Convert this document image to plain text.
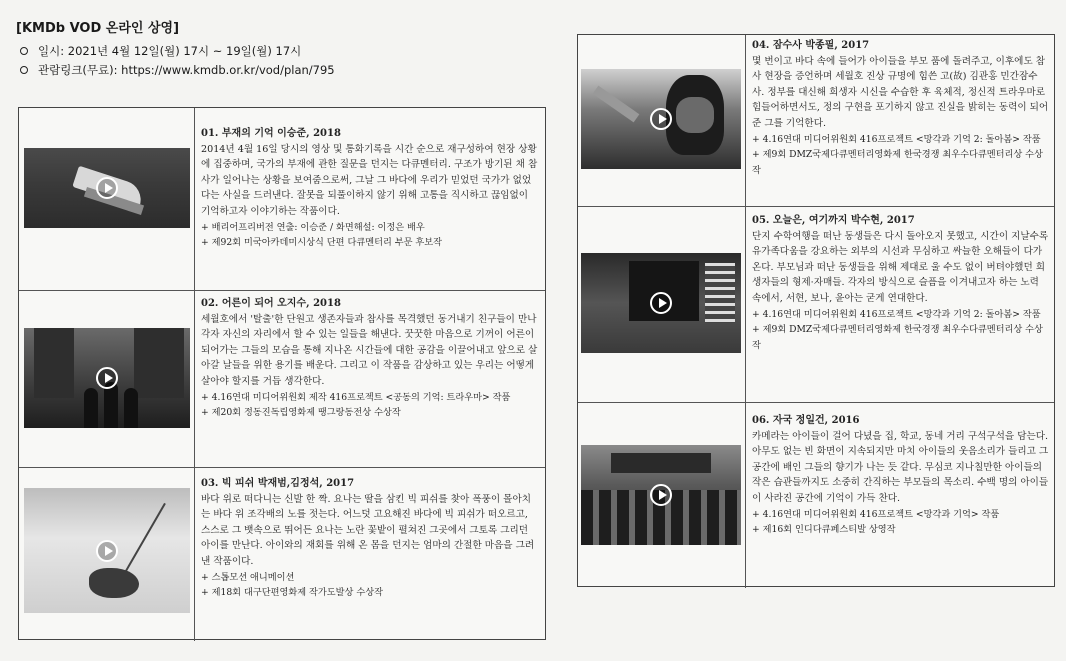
[KMDb VOD 온라인 상영]
일시: 2021년 4월 12일(월) 17시 ~ 19일(월) 17시
관람링크(무료): https://www.kmdb.or.kr/vod/plan/795
01. 부재의 기억 이승준, 2018
2014년 4월 16일 당시의 영상 및 통화기록을 시간 순으로 재구성하여 현장 상황에 집중하며, 국가의 부재에 관한 질문을 던지는 다큐멘터리. 구조가 방기된 채 참사가 일어나는 상황을 보여줌으로써, 그날 그 바다에 우리가 믿었던 국가가 없었다는 사실을 드러낸다. 잘못을 되풀이하지 않기 위해 고통을 직시하고 끊임없이 기억하고자 이야기하는 작품이다.
+ 배리어프리버전 연출: 이승준 / 화면해설: 이정은 배우
+ 제92회 미국아카데미시상식 단편 다큐멘터리 부문 후보작
02. 어른이 되어 오지수, 2018
세월호에서 '탈출'한 단원고 생존자들과 참사를 목격했던 동거내기 친구들이 만나 각자 자신의 자리에서 할 수 있는 일들을 해낸다. 꿋꿋한 마음으로 기꺼이 어른이 되어가는 그들의 모습을 통해 지나온 시간들에 대한 공감을 이끌어내고 앞으로 살아갈 날들을 위한 용기를 배운다. 그리고 이 작품을 감상하고 있는 우리는 어떻게 살아야 할지를 거듭 생각한다.
+ 4.16연대 미디어위원회 제작 416프로젝트 <공동의 기억: 트라우마> 작품
+ 제20회 정동진독립영화제 땡그랑동전상 수상작
03. 빅 피쉬 박재범,김정석, 2017
바다 위로 떠다니는 신발 한 짝. 요나는 딸을 삼킨 빅 피쉬를 찾아 폭풍이 몰아치는 바다 위 조각배의 노를 젓는다. 어느덧 고요해진 바다에 빅 피쉬가 떠오르고, 스스로 그 뱃속으로 뛰어든 요나는 노란 꽃밭이 펼쳐진 그곳에서 그토록 그리던 아이를 만난다. 아이와의 재회를 위해 온 몸을 던지는 엄마의 간절한 마음을 그려낸 작품이다.
+ 스톱모션 애니메이션
+ 제18회 대구단편영화제 작가도발상 수상작
04. 잠수사 박종필, 2017
몇 번이고 바다 속에 들어가 아이들을 부모 품에 돌려주고, 이후에도 참사 현장을 증언하며 세월호 진상 규명에 힘쓴 고(故) 김관홍 민간잠수사. 정부를 대신해 희생자 시신을 수습한 후 육체적, 정신적 트라우마로 힘들어하면서도, 정의 구현을 포기하지 않고 진실을 밝히는 동력이 되어준 그를 기억한다.
+ 4.16연대 미디어위원회 416프로젝트 <망각과 기억 2: 돌아봄> 작품
+ 제9회 DMZ국제다큐멘터리영화제 한국경쟁 최우수다큐멘터리상 수상작
05. 오늘은, 여기까지 박수현, 2017
단지 수학여행을 떠난 동생들은 다시 돌아오지 못했고, 시간이 지날수록 유가족다움을 강요하는 외부의 시선과 무심하고 싸늘한 오해들이 다가온다. 부모님과 떠난 동생들을 위해 제대로 울 수도 없이 버텨야했던 희생자들의 형제·자매들. 각자의 방식으로 슬픔을 이겨내고자 하는 노력 속에서, 서현, 보나, 윤아는 굳게 연대한다.
+ 4.16연대 미디어위원회 416프로젝트 <망각과 기억 2: 돌아봄> 작품
+ 제9회 DMZ국제다큐멘터리영화제 한국경쟁 최우수다큐멘터리상 수상작
06. 자국 정일건, 2016
카메라는 아이들이 걸어 다녔을 집, 학교, 동네 거리 구석구석을 담는다. 아무도 없는 빈 화면이 지속되지만 마치 아이들의 웃음소리가 들리고 그 공간에 배인 그들의 향기가 나는 듯 같다. 무심코 지나칠만한 아이들의 작은 습관들까지도 소중히 간직하는 부모들의 목소리. 수백 명의 아이들이 사라진 공간에 기억이 가득 찬다.
+ 4.16연대 미디어위원회 416프로젝트 <망각과 기억> 작품
+ 제16회 인디다큐페스티발 상영작
